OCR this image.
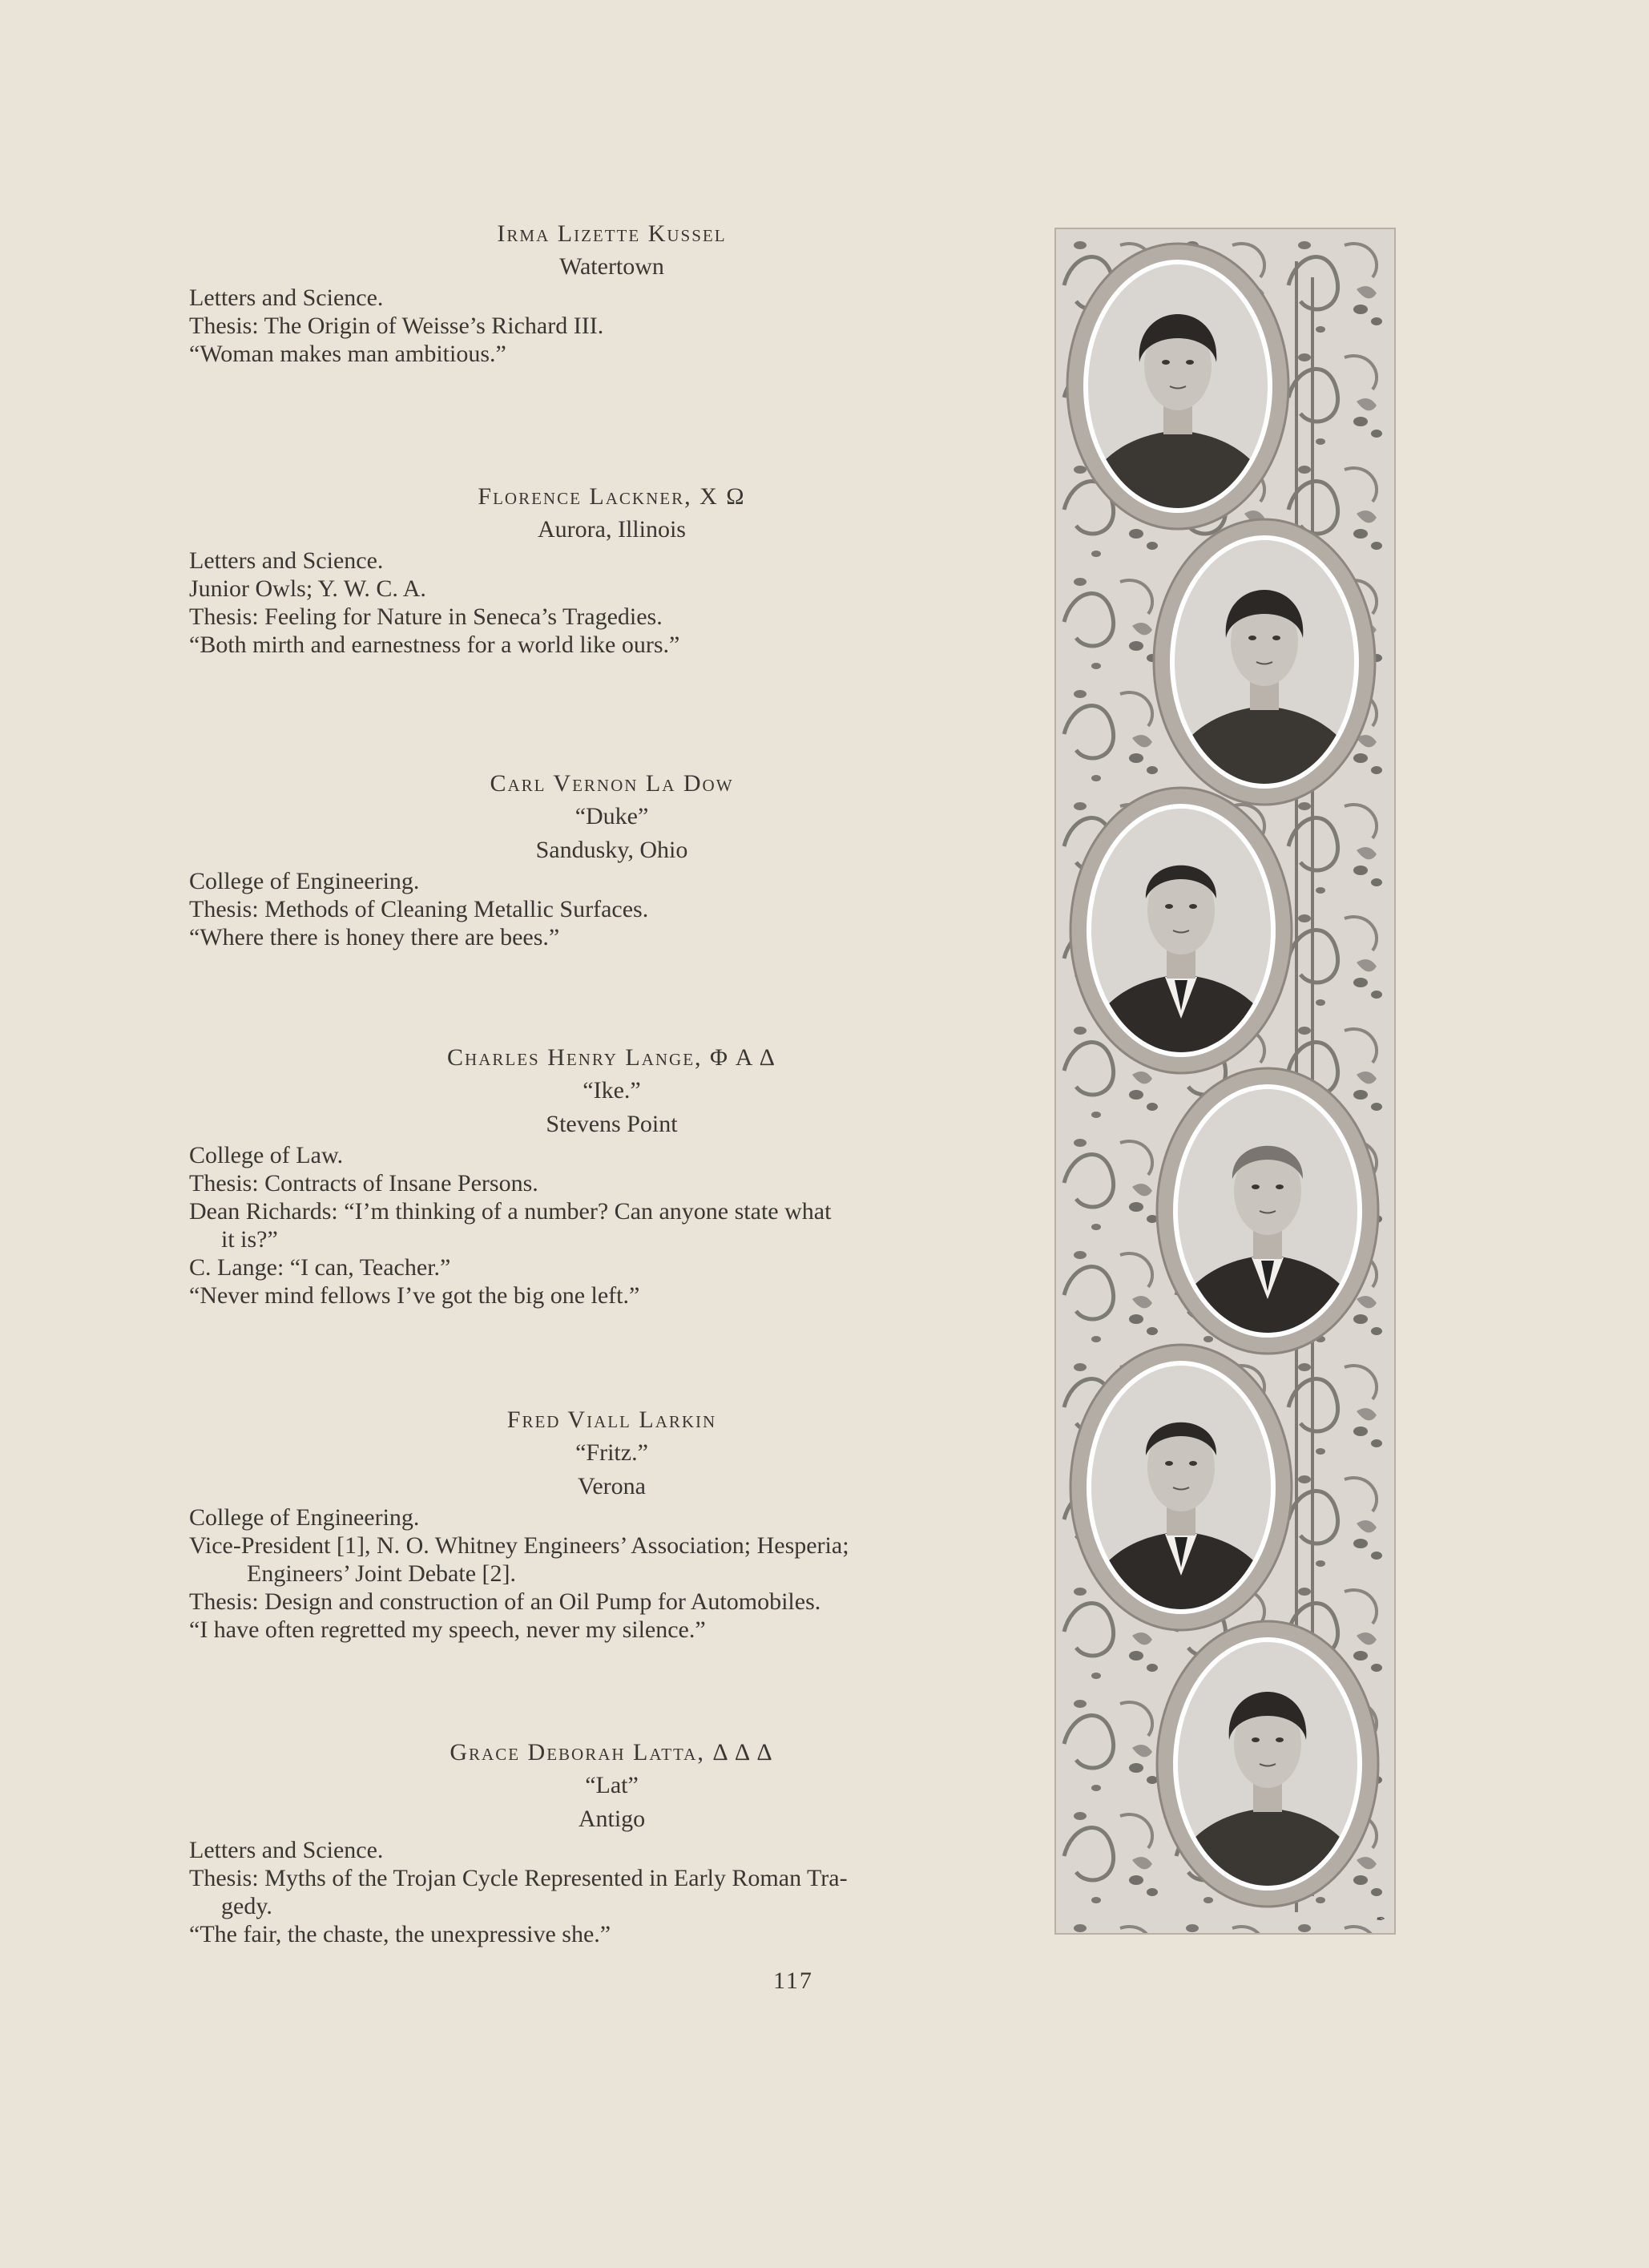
Irma Lizette Kussel
Watertown
Letters and Science.
Thesis: The Origin of Weisse’s Richard III.
“Woman makes man ambitious.”
Florence Lackner, Χ Ω
Aurora, Illinois
Letters and Science.
Junior Owls; Y. W. C. A.
Thesis: Feeling for Nature in Seneca’s Tragedies.
“Both mirth and earnestness for a world like ours.”
Carl Vernon La Dow
“Duke”
Sandusky, Ohio
College of Engineering.
Thesis: Methods of Cleaning Metallic Surfaces.
“Where there is honey there are bees.”
Charles Henry Lange, Φ Α Δ
“Ike.”
Stevens Point
College of Law.
Thesis: Contracts of Insane Persons.
Dean Richards: “I’m thinking of a number? Can anyone state what
it is?”
C. Lange: “I can, Teacher.”
“Never mind fellows I’ve got the big one left.”
Fred Viall Larkin
“Fritz.”
Verona
College of Engineering.
Vice-President [1], N. O. Whitney Engineers’ Association; Hesperia;
Engineers’ Joint Debate [2].
Thesis: Design and construction of an Oil Pump for Automobiles.
“I have often regretted my speech, never my silence.”
Grace Deborah Latta, Δ Δ Δ
“Lat”
Antigo
Letters and Science.
Thesis: Myths of the Trojan Cycle Represented in Early Roman Tra-
gedy.
“The fair, the chaste, the unexpressive she.”
117
✒
